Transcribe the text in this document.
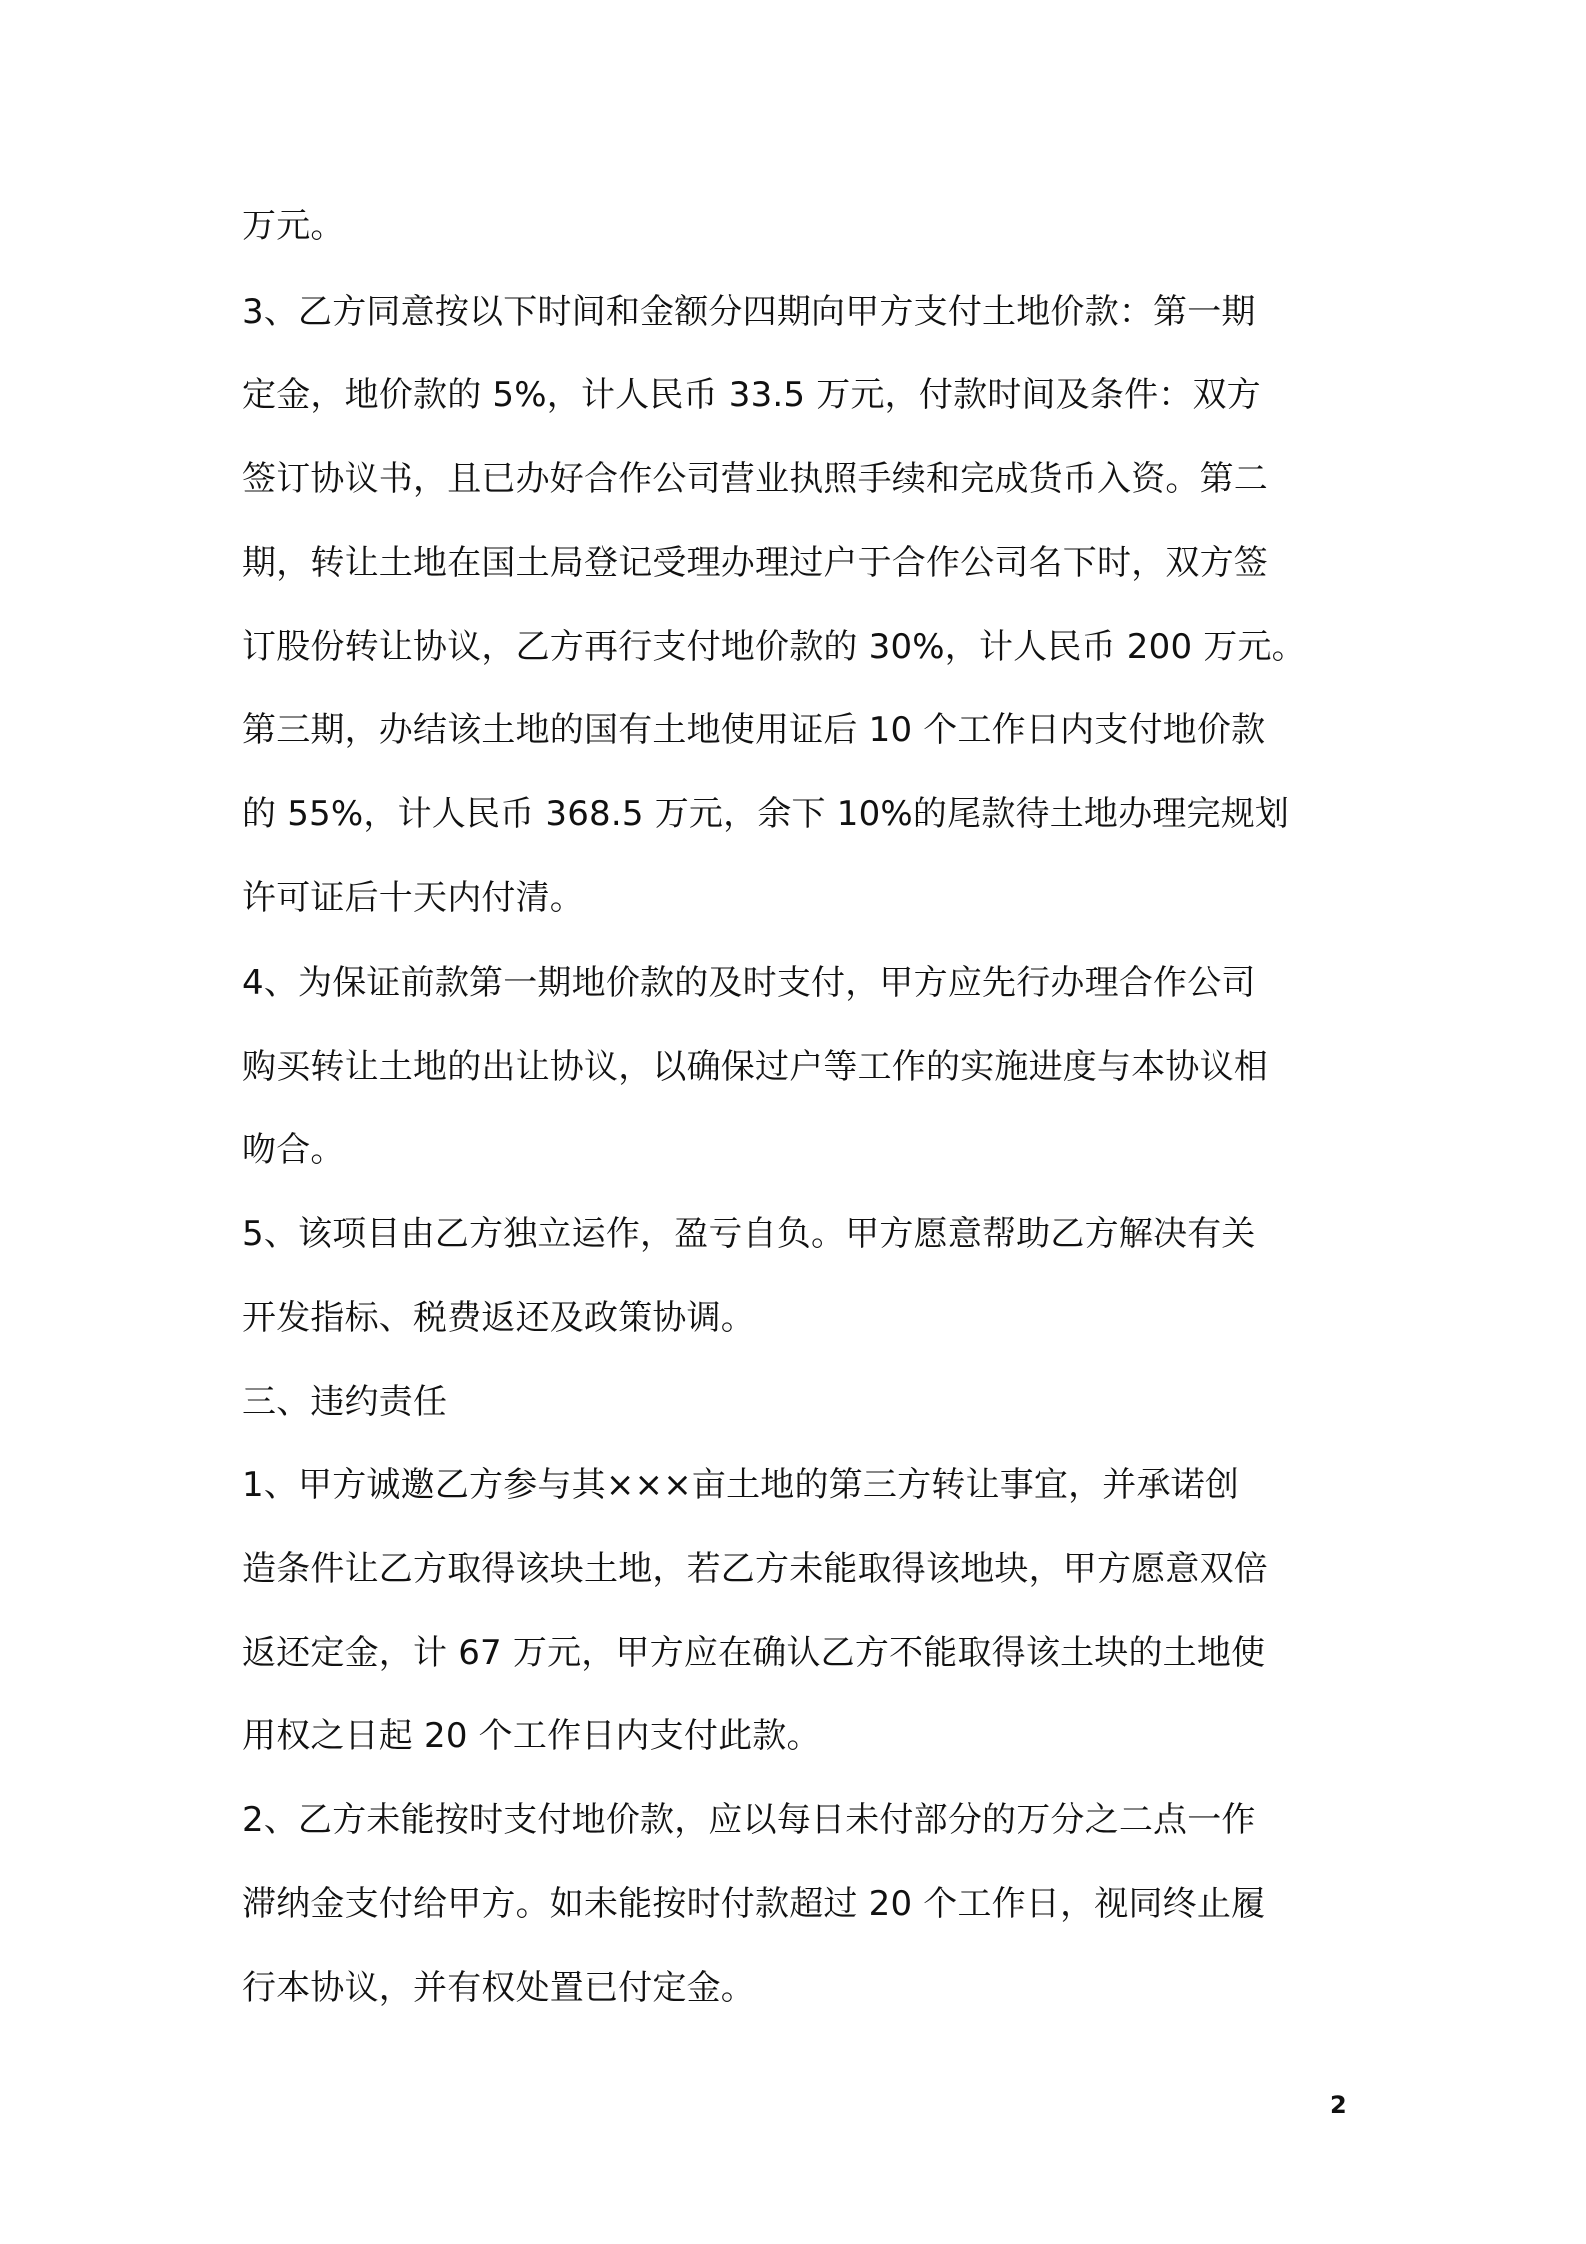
万元。
3、乙方同意按以下时间和金额分四期向甲方支付土地价款：第一期
定金，地价款的 5%，计人民币 33.5 万元，付款时间及条件：双方
签订协议书，且已办好合作公司营业执照手续和完成货币入资。第二
期，转让土地在国土局登记受理办理过户于合作公司名下时，双方签
订股份转让协议，乙方再行支付地价款的 30%，计人民币 200 万元。
第三期，办结该土地的国有土地使用证后 10 个工作日内支付地价款
的 55%，计人民币 368.5 万元，余下 10%的尾款待土地办理完规划
许可证后十天内付清。
4、为保证前款第一期地价款的及时支付，甲方应先行办理合作公司
购买转让土地的出让协议，以确保过户等工作的实施进度与本协议相
吻合。
5、该项目由乙方独立运作，盈亏自负。甲方愿意帮助乙方解决有关
开发指标、税费返还及政策协调。
三、违约责任
1、甲方诚邀乙方参与其×××亩土地的第三方转让事宜，并承诺创
造条件让乙方取得该块土地，若乙方未能取得该地块，甲方愿意双倍
返还定金，计 67 万元，甲方应在确认乙方不能取得该土块的土地使
用权之日起 20 个工作日内支付此款。
2、乙方未能按时支付地价款，应以每日未付部分的万分之二点一作
滞纳金支付给甲方。如未能按时付款超过 20 个工作日，视同终止履
行本协议，并有权处置已付定金。
2
